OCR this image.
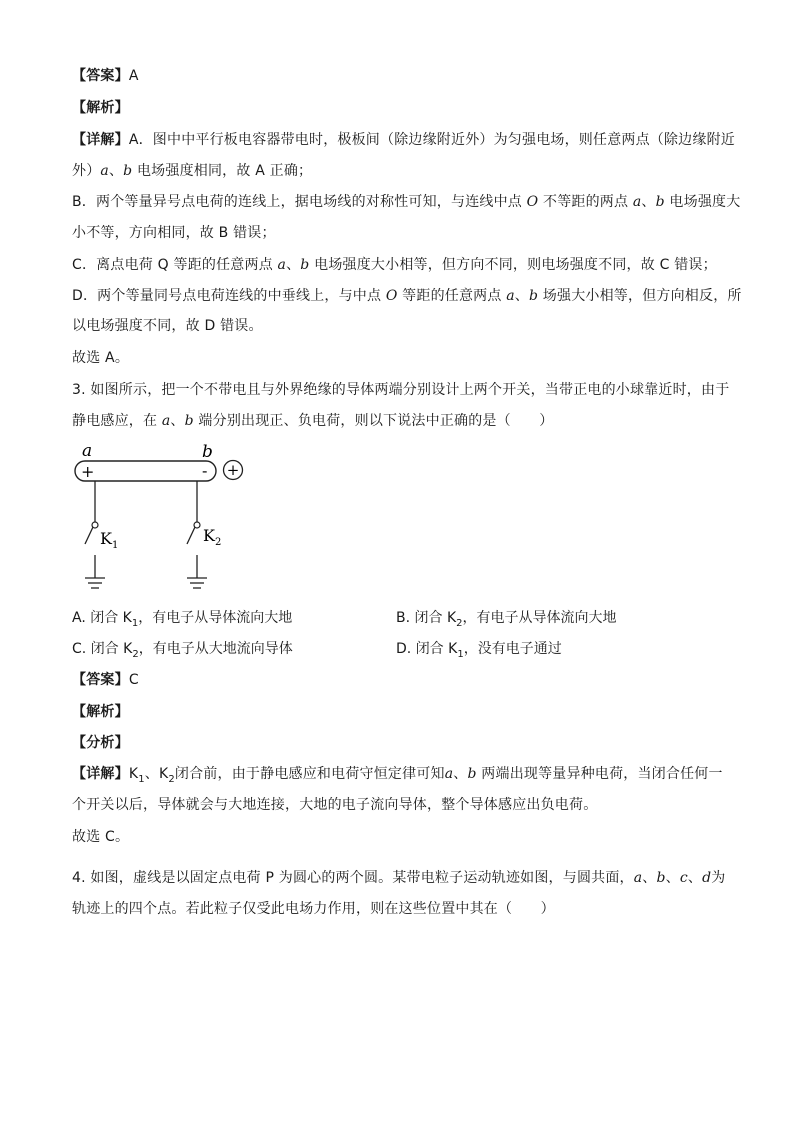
【答案】A
【解析】
【详解】A．图中中平行板电容器带电时，极板间（除边缘附近外）为匀强电场，则任意两点（除边缘附近
外）a、b 电场强度相同，故 A 正确；
B．两个等量异号点电荷的连线上，据电场线的对称性可知，与连线中点 O 不等距的两点 a、b 电场强度大
小不等，方向相同，故 B 错误；
C．离点电荷 Q 等距的任意两点 a、b 电场强度大小相等，但方向不同，则电场强度不同，故 C 错误；
D．两个等量同号点电荷连线的中垂线上，与中点 O 等距的任意两点 a、b 场强大小相等，但方向相反，所
以电场强度不同，故 D 错误。
故选 A。
3. 如图所示，把一个不带电且与外界绝缘的导体两端分别设计上两个开关，当带正电的小球靠近时，由于
静电感应，在 a、b 端分别出现正、负电荷，则以下说法中正确的是（　　）
a	b
+	- +
$K_1$
$K_2$
A. 闭合 $K_1$，有电子从导体流向大地	B. 闭合 $K_2$，有电子从导体流向大地
C. 闭合 $K_2$，有电子从大地流向导体	D. 闭合 $K_1$，没有电子通过
【答案】C
【解析】
【分析】
【详解】$K_1$、$K_2$闭合前，由于静电感应和电荷守恒定律可知a、b 两端出现等量异种电荷，当闭合任何一
个开关以后，导体就会与大地连接，大地的电子流向导体，整个导体感应出负电荷。
故选 C。
4. 如图，虚线是以固定点电荷 P 为圆心的两个圆。某带电粒子运动轨迹如图，与圆共面，a、b、c、d为
轨迹上的四个点。若此粒子仅受此电场力作用，则在这些位置中其在（　　）
